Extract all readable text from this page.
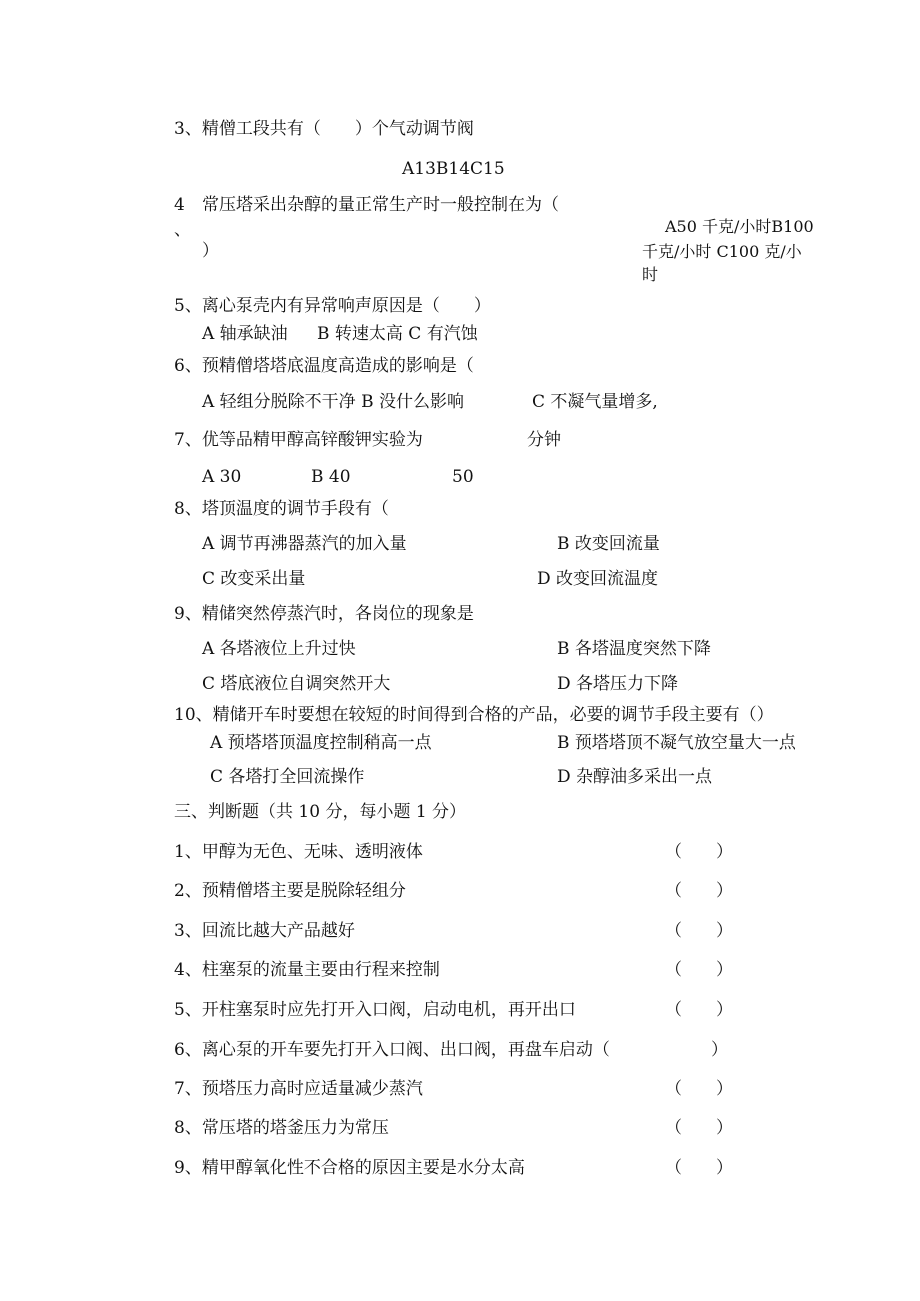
3、精僧工段共有（　　）个气动调节阀
A13B14C15
4 常压塔采出杂醇的量正常生产时一般控制在为（
、
）
A50 千克/小时B100
千克/小时 C100 克/小
时
5、离心泵壳内有异常响声原因是（　　）
A 轴承缺油 B 转速太高 C 有汽蚀
6、预精僧塔塔底温度高造成的影响是（
A 轻组分脱除不干净 B 没什么影响	C 不凝气量增多,
7、优等品精甲醇高锌酸钾实验为	分钟
A 30	B 40	50
8、塔顶温度的调节手段有（
A 调节再沸器蒸汽的加入量	B 改变回流量
C 改变采出量	D 改变回流温度
9、精储突然停蒸汽时，各岗位的现象是
A 各塔液位上升过快	B 各塔温度突然下降
C 塔底液位自调突然开大	D 各塔压力下降
10、精储开车时要想在较短的时间得到合格的产品，必要的调节手段主要有（）
A 预塔塔顶温度控制稍高一点	B 预塔塔顶不凝气放空量大一点
C 各塔打全回流操作	D 杂醇油多采出一点
三、判断题（共 10 分，每小题 1 分）
1、甲醇为无色、无味、透明液体	（　　）
2、预精僧塔主要是脱除轻组分	（　　）
3、回流比越大产品越好	（　　）
4、柱塞泵的流量主要由行程来控制	（　　）
5、开柱塞泵时应先打开入口阀，启动电机，再开出口	（　　）
6、离心泵的开车要先打开入口阀、出口阀，再盘车启动（	）
7、预塔压力高时应适量减少蒸汽	（　　）
8、常压塔的塔釜压力为常压	（　　）
9、精甲醇氧化性不合格的原因主要是水分太高	（　　）
